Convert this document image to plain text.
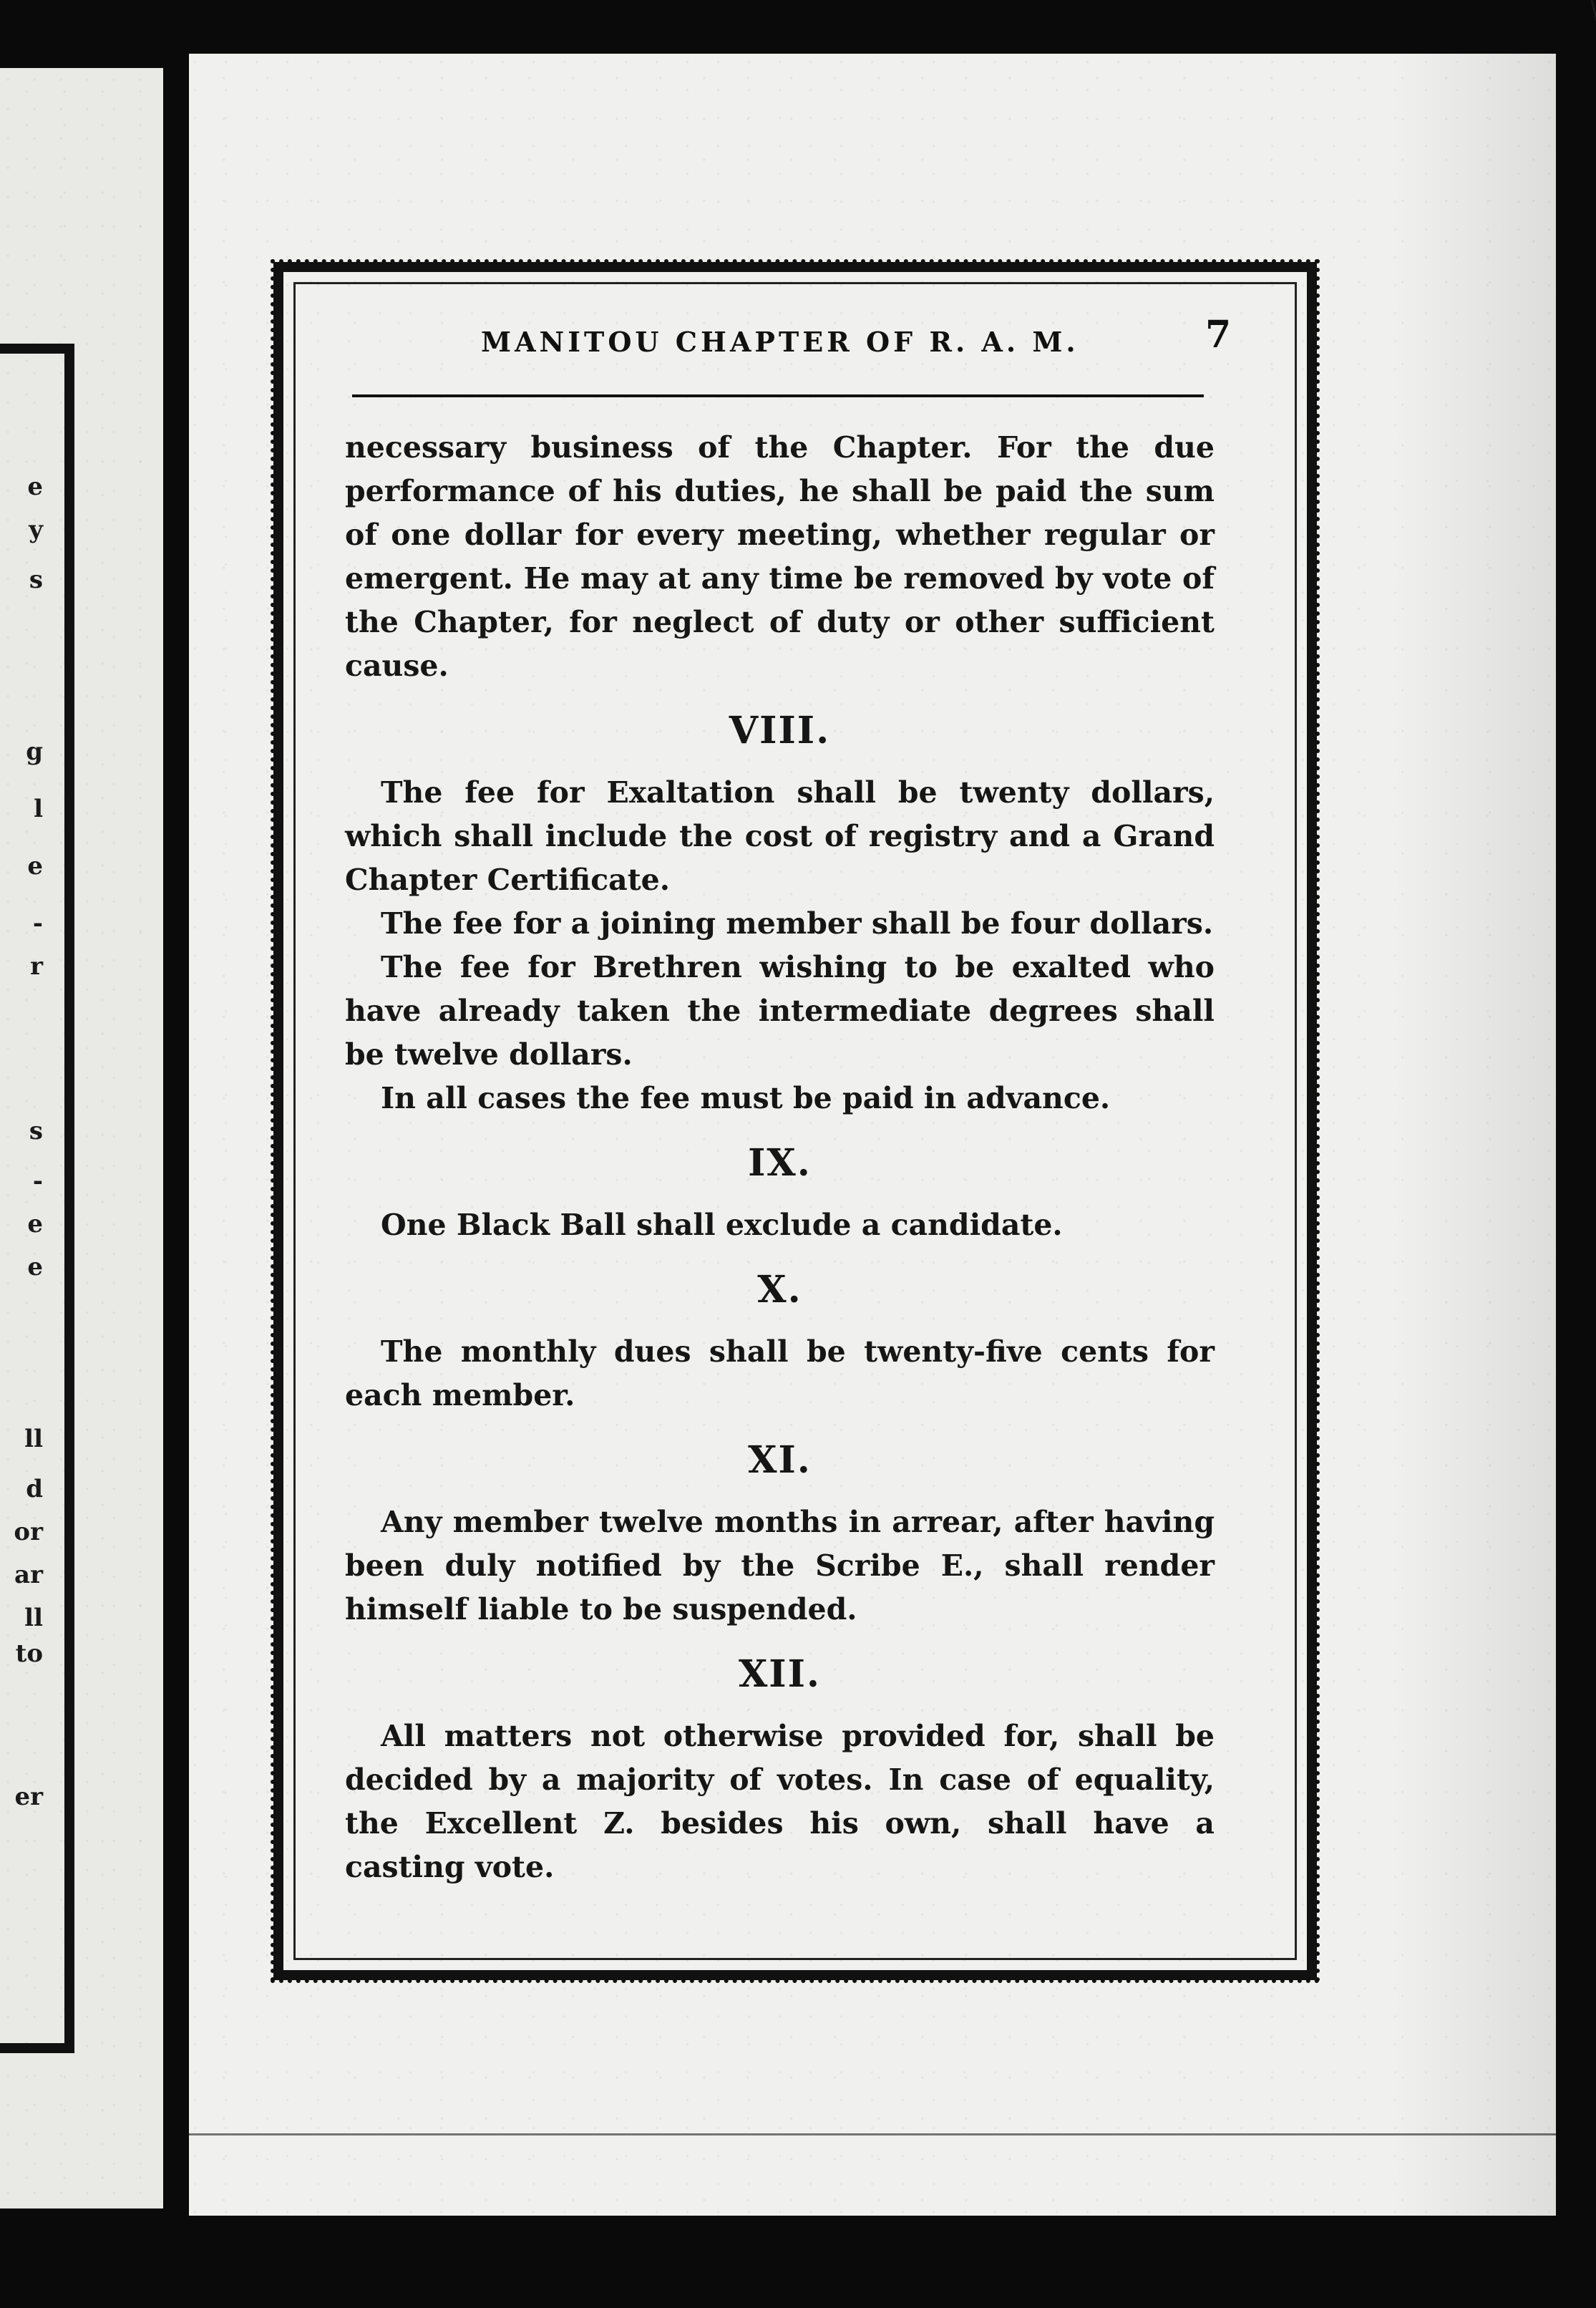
e
y
s
g
l
e
-
r
s
-
e
e
ll
d
or
ar
ll
to
er
MANITOU CHAPTER OF R. A. M.	7

necessary business of the Chapter. For the due performance of his duties, he shall be paid the sum of one dollar for every meeting, whether regular or emergent. He may at any time be removed by vote of the Chapter, for neglect of duty or other sufficient cause.

VIII.

The fee for Exaltation shall be twenty dollars, which shall include the cost of registry and a Grand Chapter Certificate.

The fee for a joining member shall be four dollars.

The fee for Brethren wishing to be exalted who have already taken the intermediate degrees shall be twelve dollars.

In all cases the fee must be paid in advance.

IX.

One Black Ball shall exclude a candidate.

X.

The monthly dues shall be twenty-five cents for each member.

XI.

Any member twelve months in arrear, after having been duly notified by the Scribe E., shall render himself liable to be suspended.

XII.

All matters not otherwise provided for, shall be decided by a majority of votes. In case of equality, the Excellent Z. besides his own, shall have a casting vote.
